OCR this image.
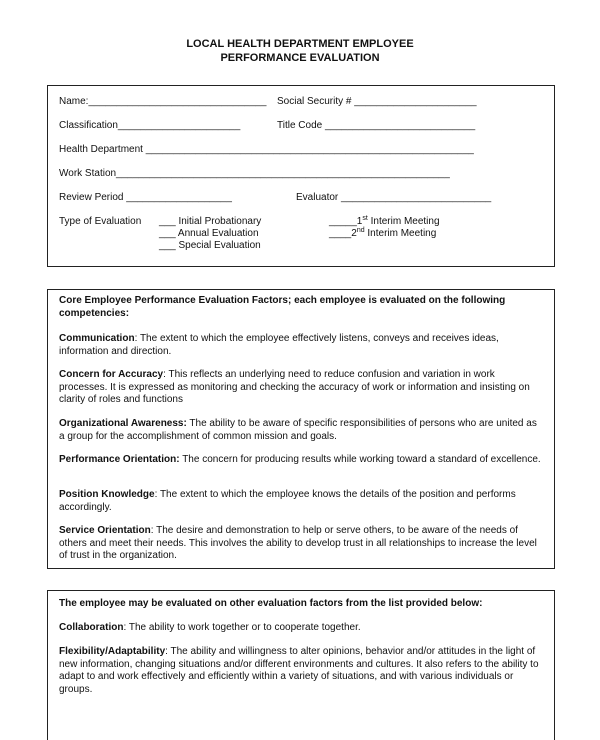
LOCAL HEALTH DEPARTMENT EMPLOYEE
PERFORMANCE EVALUATION
Name:________________________________ Social Security # ______________________
Classification______________________	Title Code ___________________________
Health Department ___________________________________________________________
Work Station____________________________________________________________
Review Period ___________________	Evaluator ___________________________
Type of Evaluation ___ Initial Probationary
___ Annual Evaluation
___ Special Evaluation
_____1st Interim Meeting
____2nd Interim Meeting

Core Employee Performance Evaluation Factors; each employee is evaluated on the following competencies:

Communication: The extent to which the employee effectively listens, conveys and receives ideas, information and direction.

Concern for Accuracy: This reflects an underlying need to reduce confusion and variation in work processes. It is expressed as monitoring and checking the accuracy of work or information and insisting on clarity of roles and functions

Organizational Awareness: The ability to be aware of specific responsibilities of persons who are united as a group for the accomplishment of common mission and goals.

Performance Orientation: The concern for producing results while working toward a standard of excellence.

Position Knowledge: The extent to which the employee knows the details of the position and performs accordingly.

Service Orientation: The desire and demonstration to help or serve others, to be aware of the needs of others and meet their needs. This involves the ability to develop trust in all relationships to increase the level of trust in the organization.

The employee may be evaluated on other evaluation factors from the list provided below:

Collaboration: The ability to work together or to cooperate together.

Flexibility/Adaptability: The ability and willingness to alter opinions, behavior and/or attitudes in the light of new information, changing situations and/or different environments and cultures. It also refers to the ability to adapt to and work effectively and efficiently within a variety of situations, and with various individuals or groups.
